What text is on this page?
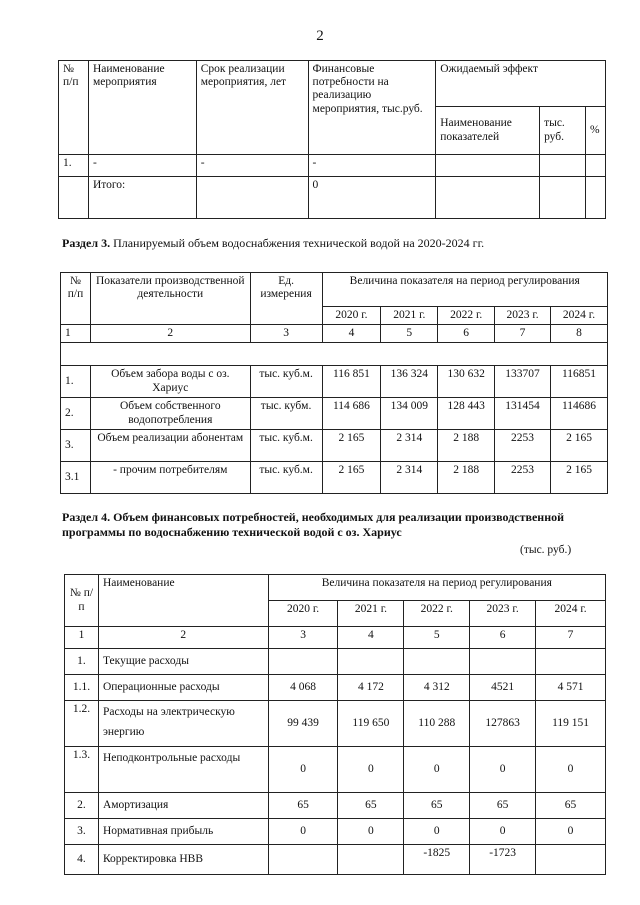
2
№ п/п	Наименование мероприятия	Срок реализации мероприятия, лет	Финансовые потребности на реализацию мероприятия, тыс.руб.	Ожидаемый эффект		
				Наименование показателей	тыс. руб.	%
1.	-	-	-			
	Итого:		0			
Раздел 3. Планируемый объем водоснабжения технической водой на 2020-2024 гг.
№ п/п	Показатели производственной деятельности	Ед. измерения	Величина показателя на период регулирования				
			2020 г.	2021 г.	2022 г.	2023 г.	2024 г.
1	2	3	4	5	6	7	8

1.	Объем забора воды с оз. Хариус	тыс. куб.м.	116 851	136 324	130 632	133707	116851
2.	Объем собственного водопотребления	тыс. кубм.	114 686	134 009	128 443	131454	114686
3.	Объем реализации абонентам	тыс. куб.м.	2 165	2 314	2 188	2253	2 165
3.1	- прочим потребителям	тыс. куб.м.	2 165	2 314	2 188	2253	2 165
Раздел 4. Объем финансовых потребностей, необходимых для реализации производственной программы по водоснабжению технической водой с оз. Хариус
(тыс. руб.)
№ п/п	Наименование	Величина показателя на период регулирования				
		2020 г.	2021 г.	2022 г.	2023 г.	2024 г.
1	2	3	4	5	6	7
1.	Текущие расходы					
1.1.	Операционные расходы	4 068	4 172	4 312	4521	4 571
1.2.	Расходы на электрическую энергию	99 439	119 650	110 288	127863	119 151
1.3.	Неподконтрольные расходы	0	0	0	0	0
2.	Амортизация	65	65	65	65	65
3.	Нормативная прибыль	0	0	0	0	0
4.	Корректировка НВВ			-1825	-1723	
